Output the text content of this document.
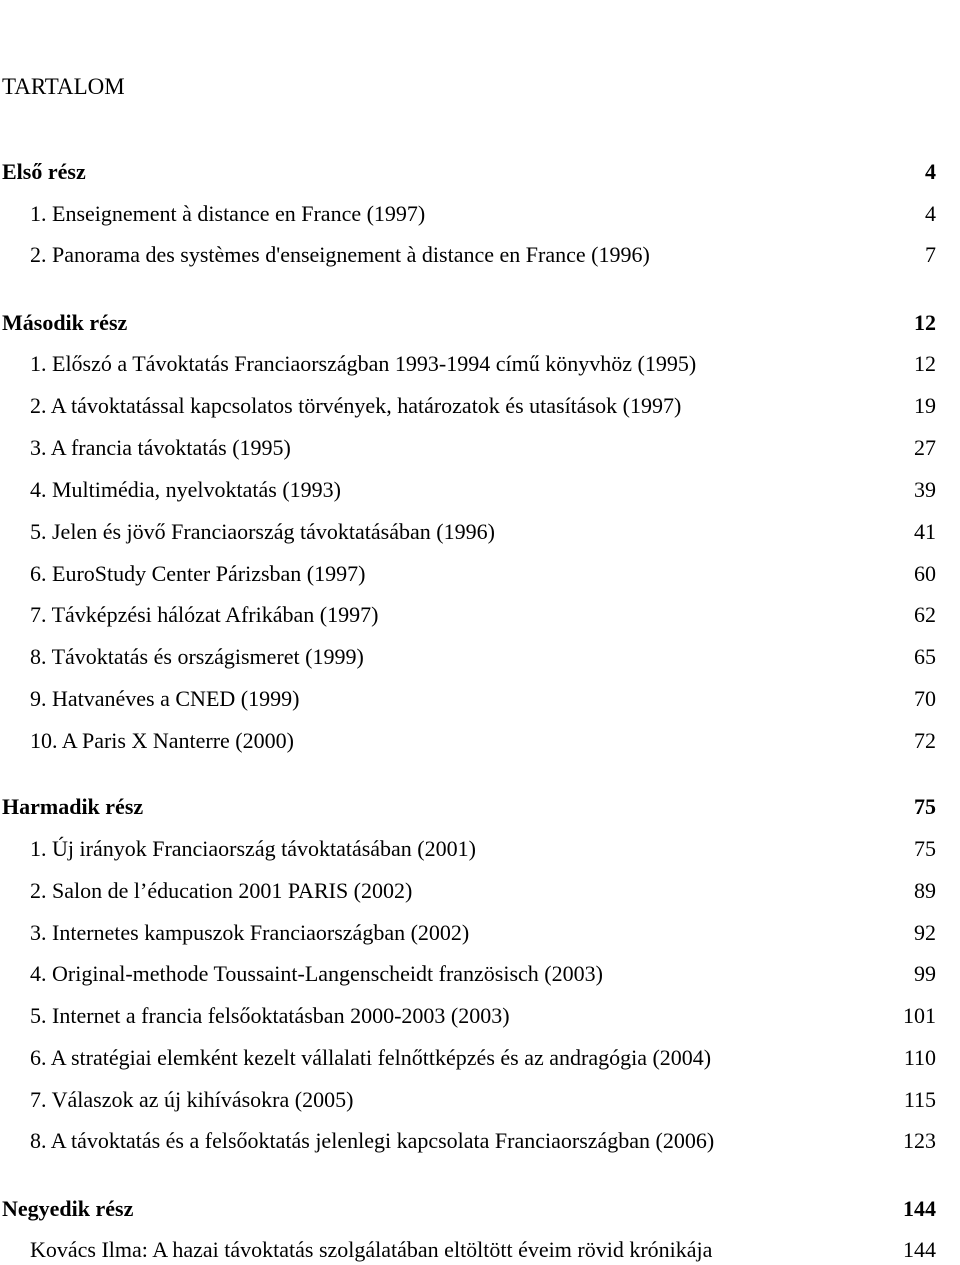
TARTALOM
Első rész	4
1. Enseignement à distance en France (1997)	4
2. Panorama des systèmes d'enseignement à distance en France (1996)	7
Második rész	12
1. Előszó a Távoktatás Franciaországban 1993-1994 című könyvhöz (1995)	12
2. A távoktatással kapcsolatos törvények, határozatok és utasítások (1997)	19
3. A francia távoktatás (1995)	27
4. Multimédia, nyelvoktatás (1993)	39
5. Jelen és jövő Franciaország távoktatásában (1996)	41
6. EuroStudy Center Párizsban (1997)	60
7. Távképzési hálózat Afrikában (1997)	62
8. Távoktatás és országismeret (1999)	65
9. Hatvanéves a CNED (1999)	70
10. A Paris X Nanterre (2000)	72
Harmadik rész	75
1. Új irányok Franciaország távoktatásában (2001)	75
2. Salon de l’éducation 2001 PARIS (2002)	89
3. Internetes kampuszok Franciaországban (2002)	92
4. Original-methode Toussaint-Langenscheidt französisch (2003)	99
5. Internet a francia felsőoktatásban 2000-2003 (2003)	101
6. A stratégiai elemként kezelt vállalati felnőttképzés és az andragógia (2004)	110
7. Válaszok az új kihívásokra (2005)	115
8. A távoktatás és a felsőoktatás jelenlegi kapcsolata Franciaországban (2006)	123
Negyedik rész	144
Kovács Ilma: A hazai távoktatás szolgálatában eltöltött éveim rövid krónikája	144
